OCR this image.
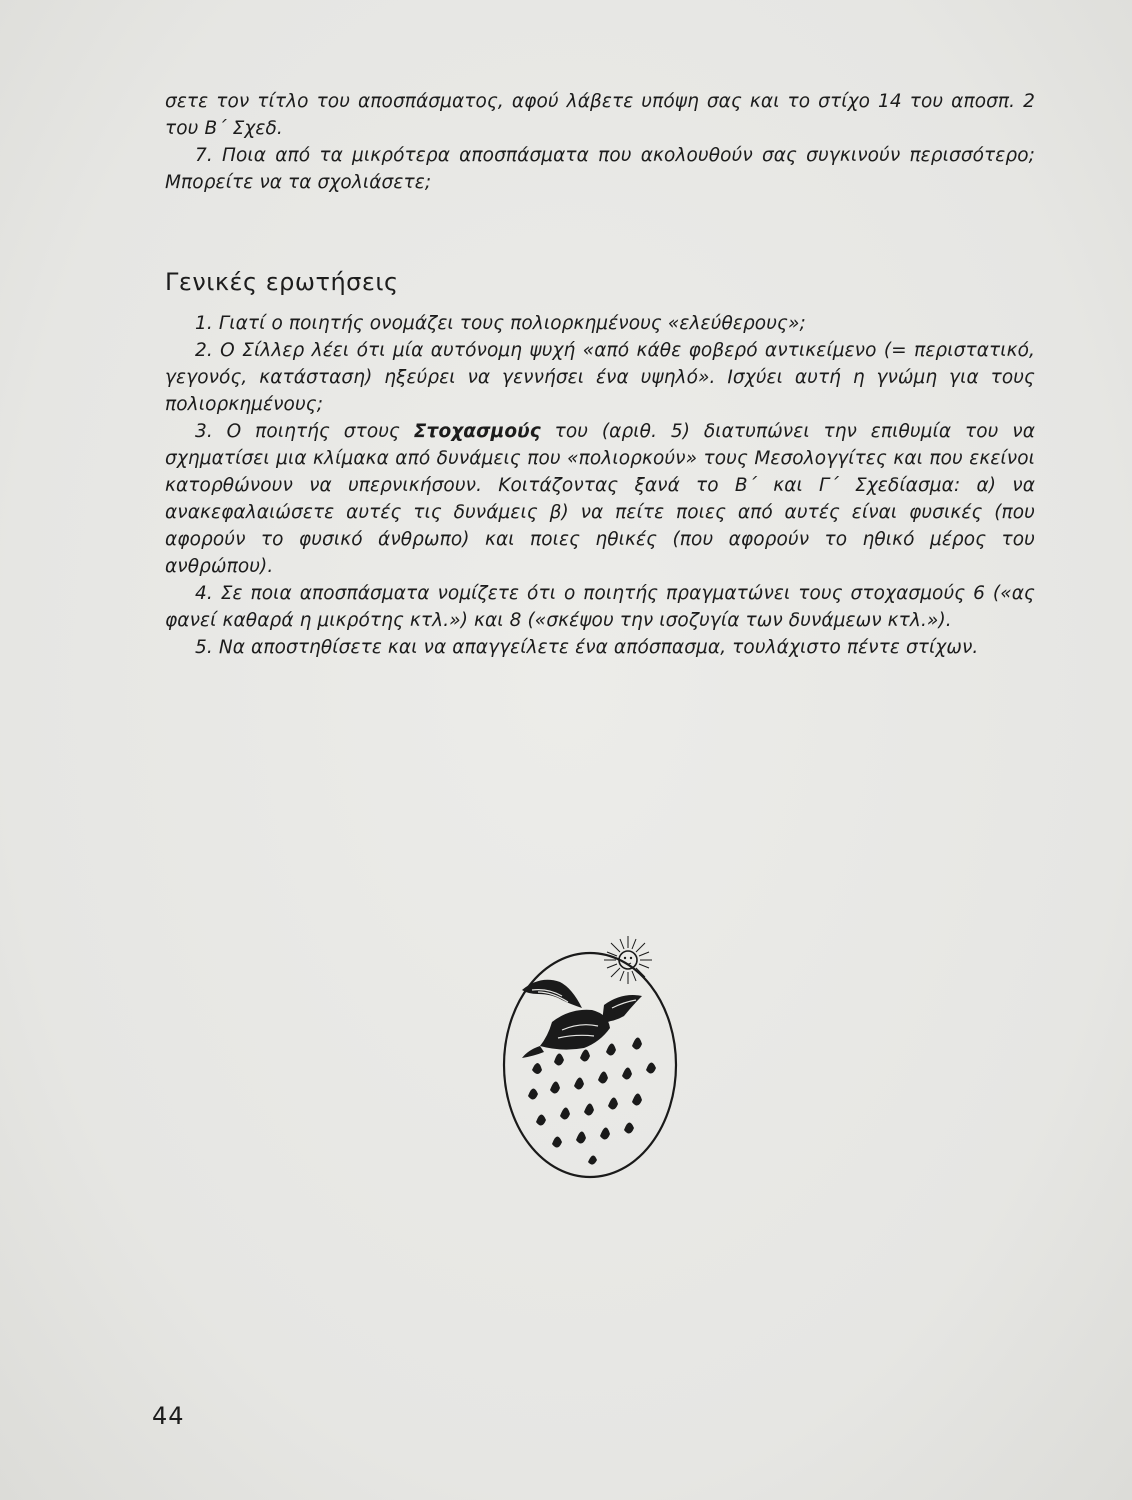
σετε τον τίτλο του αποσπάσματος, αφού λάβετε υπόψη σας και το στίχο 14 του αποσπ. 2 του Β΄ Σχεδ.

7. Ποια από τα μικρότερα αποσπάσματα που ακολουθούν σας συγκινούν περισσότερο; Μπορείτε να τα σχολιάσετε;

Γενικές ερωτήσεις

1. Γιατί ο ποιητής ονομάζει τους πολιορκημένους «ελεύθερους»;

2. Ο Σίλλερ λέει ότι μία αυτόνομη ψυχή «από κάθε φοβερό αντικείμενο (= περιστατικό, γεγονός, κατάσταση) ηξεύρει να γεννήσει ένα υψηλό». Ισχύει αυτή η γνώμη για τους πολιορκημένους;

3. Ο ποιητής στους Στοχασμούς του (αριθ. 5) διατυπώνει την επιθυμία του να σχηματίσει μια κλίμακα από δυνάμεις που «πολιορκούν» τους Μεσολογγίτες και που εκείνοι κατορθώνουν να υπερνικήσουν. Κοιτάζοντας ξανά το Β΄ και Γ΄ Σχεδίασμα: α) να ανακεφαλαιώσετε αυτές τις δυνάμεις β) να πείτε ποιες από αυτές είναι φυσικές (που αφορούν το φυσικό άνθρωπο) και ποιες ηθικές (που αφορούν το ηθικό μέρος του ανθρώπου).

4. Σε ποια αποσπάσματα νομίζετε ότι ο ποιητής πραγματώνει τους στοχασμούς 6 («ας φανεί καθαρά η μικρότης κτλ.») και 8 («σκέψου την ισοζυγία των δυνάμεων κτλ.»).

5. Να αποστηθίσετε και να απαγγείλετε ένα απόσπασμα, τουλάχιστο πέντε στίχων.

44
